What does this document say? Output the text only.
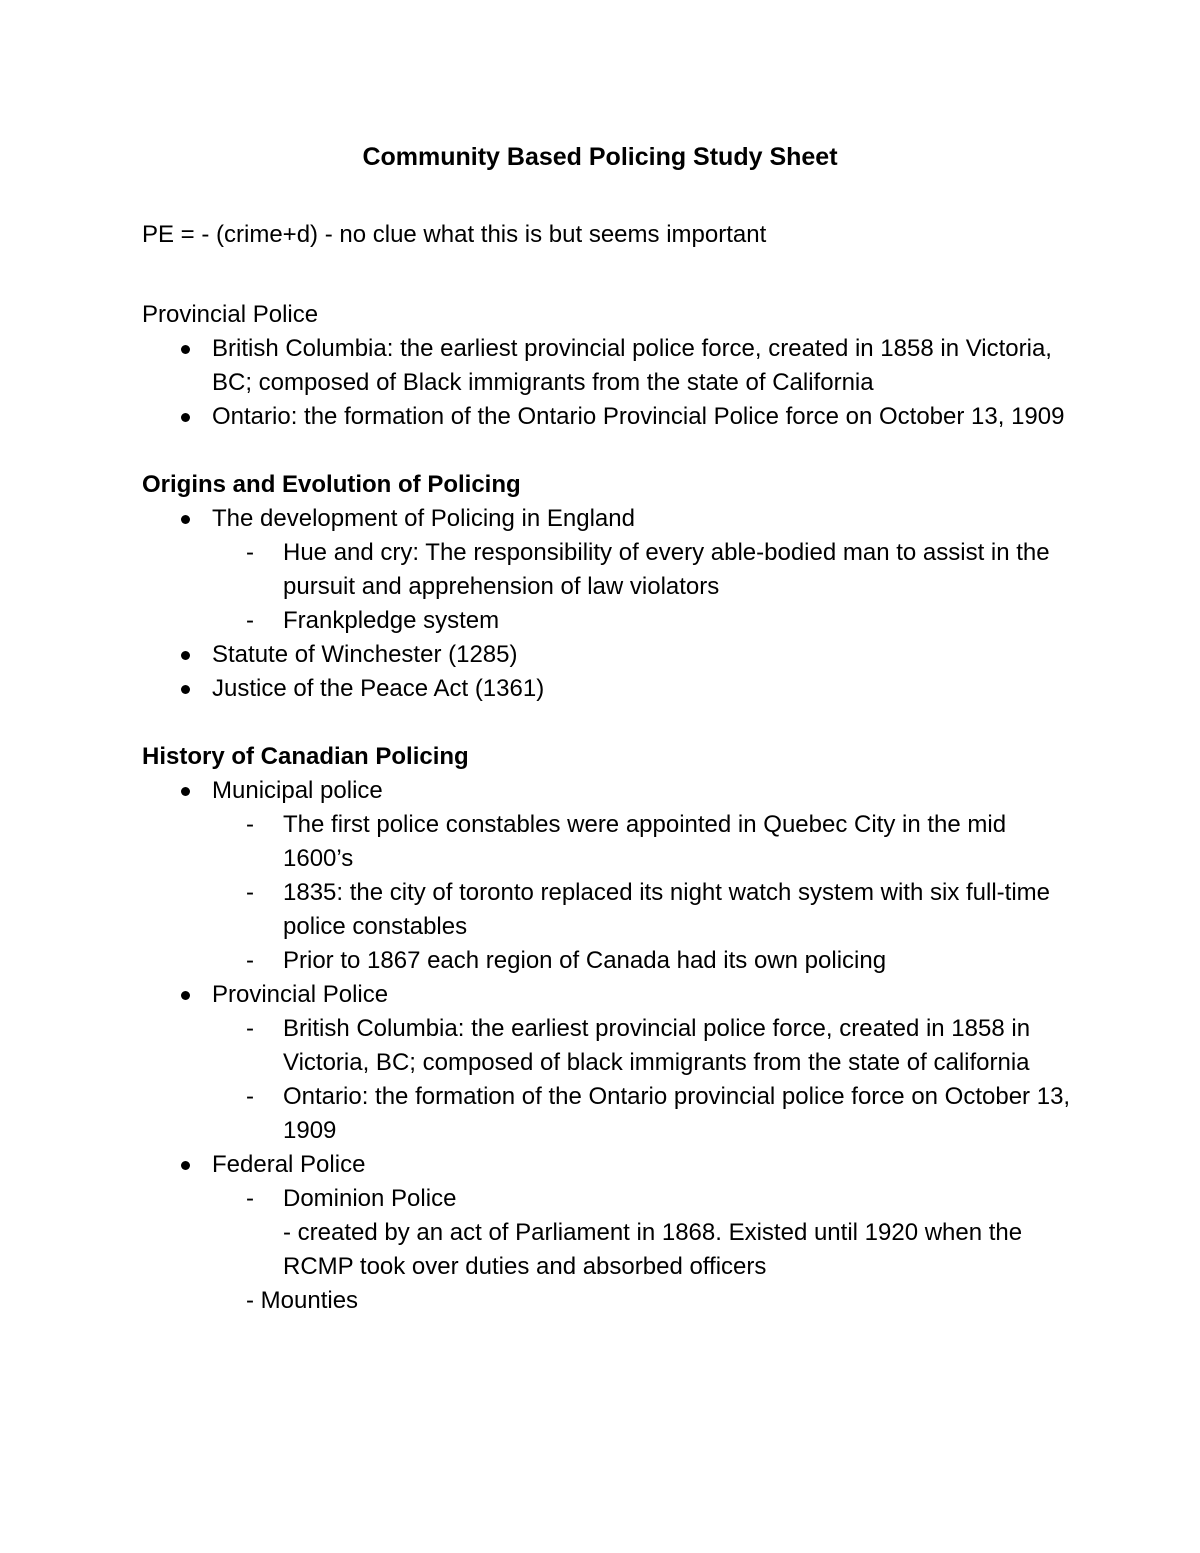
Community Based Policing Study Sheet

PE = - (crime+d) - no clue what this is but seems important

Provincial Police

British Columbia: the earliest provincial police force, created in 1858 in Victoria, BC; composed of Black immigrants from the state of California
Ontario: the formation of the Ontario Provincial Police force on October 13, 1909

Origins and Evolution of Policing

The development of Policing in England
- Hue and cry: The responsibility of every able-bodied man to assist in the pursuit and apprehension of law violators
- Frankpledge system
Statute of Winchester (1285)
Justice of the Peace Act (1361)

History of Canadian Policing

Municipal police
- The first police constables were appointed in Quebec City in the mid 1600’s
- 1835: the city of toronto replaced its night watch system with six full-time police constables
- Prior to 1867 each region of Canada had its own policing
Provincial Police
- British Columbia: the earliest provincial police force, created in 1858 in Victoria, BC; composed of black immigrants from the state of california
- Ontario: the formation of the Ontario provincial police force on October 13, 1909
Federal Police
- Dominion Police

- created by an act of Parliament in 1868. Existed until 1920 when the RCMP took over duties and absorbed officers

- Mounties
